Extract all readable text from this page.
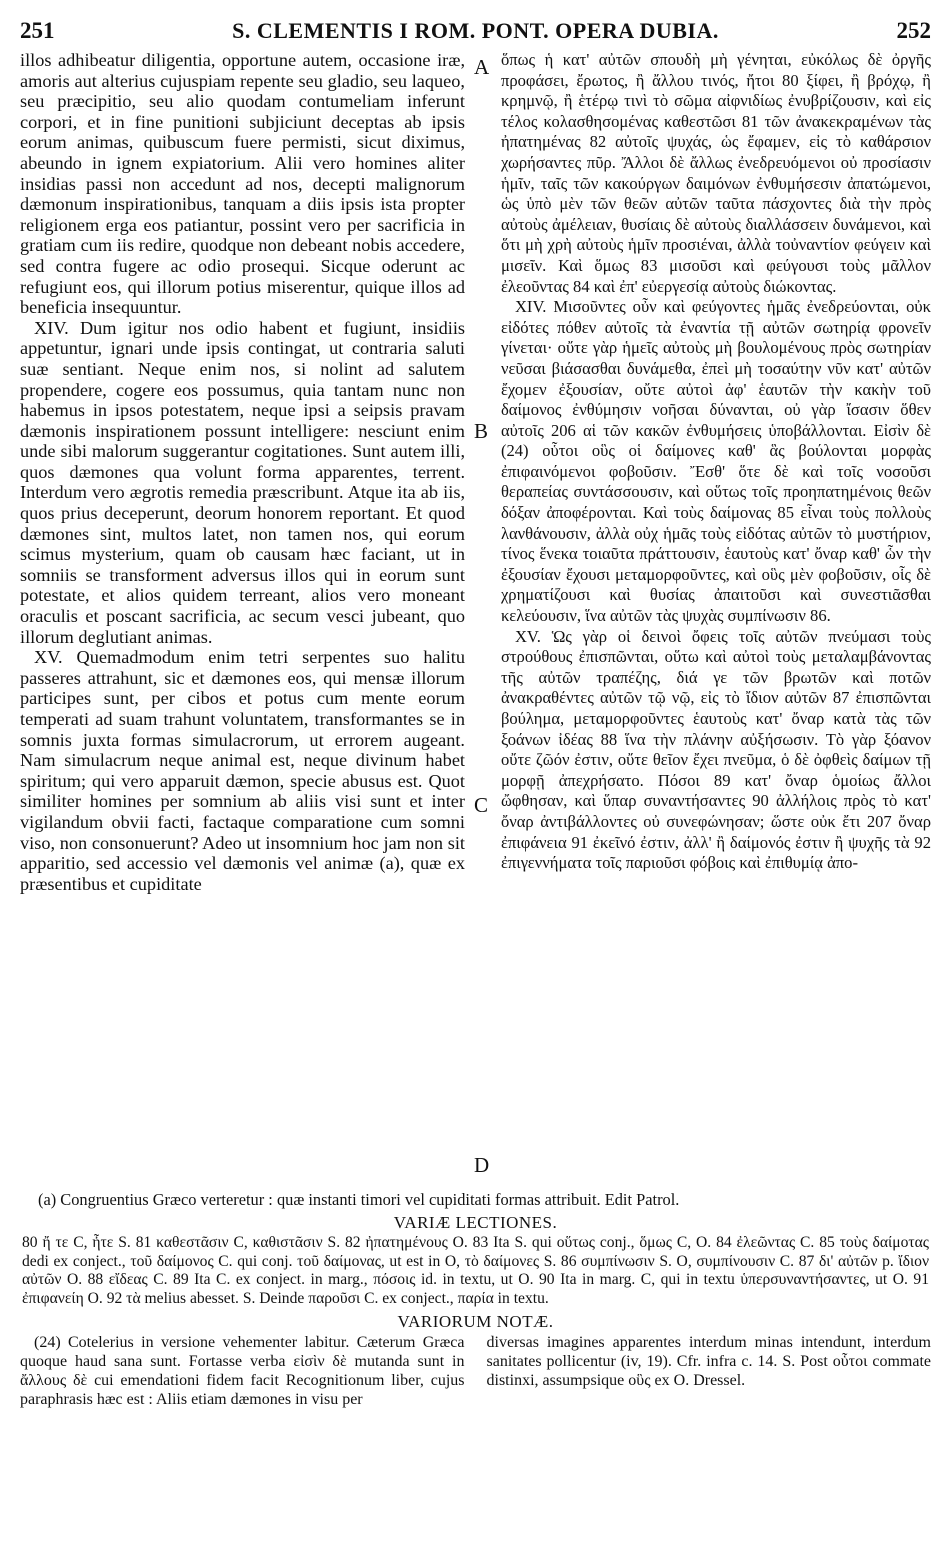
251	S. CLEMENTIS I ROM. PONT. OPERA DUBIA.	252

illos adhibeatur diligentia, opportune autem, occasione iræ, amoris aut alterius cujuspiam repente seu gladio, seu laqueo, seu præcipitio, seu alio quodam contumeliam inferunt corpori, et in fine punitioni subjiciunt deceptas ab ipsis eorum animas, quibuscum fuere permisti, sicut diximus, abeundo in ignem expiatorium. Alii vero homines aliter insidias passi non accedunt ad nos, decepti malignorum dæmonum inspirationibus, tanquam a diis ipsis ista propter religionem erga eos patiantur, possint vero per sacrificia in gratiam cum iis redire, quodque non debeant nobis accedere, sed contra fugere ac odio prosequi. Sicque oderunt ac refugiunt eos, qui illorum potius miserentur, quique illos ad beneficia insequuntur.

XIV. Dum igitur nos odio habent et fugiunt, insidiis appetuntur, ignari unde ipsis contingat, ut contraria saluti suæ sentiant. Neque enim nos, si nolint ad salutem propendere, cogere eos possumus, quia tantam nunc non habemus in ipsos potestatem, neque ipsi a seipsis pravam dæmonis inspirationem possunt intelligere: nesciunt enim unde sibi malorum suggerantur cogitationes. Sunt autem illi, quos dæmones qua volunt forma apparentes, terrent. Interdum vero ægrotis remedia præscribunt. Atque ita ab iis, quos prius deceperunt, deorum honorem reportant. Et quod dæmones sint, multos latet, non tamen nos, qui eorum scimus mysterium, quam ob causam hæc faciant, ut in somniis se transforment adversus illos qui in eorum sunt potestate, et alios quidem terreant, alios vero moneant oraculis et poscant sacrificia, ac secum vesci jubeant, quo illorum deglutiant animas.

XV. Quemadmodum enim tetri serpentes suo halitu passeres attrahunt, sic et dæmones eos, qui mensæ illorum participes sunt, per cibos et potus cum mente eorum temperati ad suam trahunt voluntatem, transformantes se in somnis juxta formas simulacrorum, ut errorem augeant. Nam simulacrum neque animal est, neque divinum habet spiritum; qui vero apparuit dæmon, specie abusus est. Quot similiter homines per somnium ab aliis visi sunt et inter vigilandum obvii facti, factaque comparatione cum somni viso, non consonuerunt? Adeo ut insomnium hoc jam non sit apparitio, sed accessio vel dæmonis vel animæ (a), quæ ex præsentibus et cupiditate

A
B
C
D

ὅπως ἡ κατ' αὐτῶν σπουδὴ μὴ γένηται, εὐκόλως δὲ ὀργῆς προφάσει, ἔρωτος, ἢ ἄλλου τινός, ἤτοι 80 ξίφει, ἢ βρόχῳ, ἢ κρημνῷ, ἢ ἑτέρῳ τινὶ τὸ σῶμα αἰφνιδίως ἐνυβρίζουσιν, καὶ εἰς τέλος κολασθησομένας καθεστῶσι 81 τῶν ἀνακεκραμένων τὰς ἠπατημένας 82 αὐτοῖς ψυχάς, ὡς ἔφαμεν, εἰς τὸ καθάρσιον χωρήσαντες πῦρ. Ἄλλοι δὲ ἄλλως ἐνεδρευόμενοι οὐ προσίασιν ἡμῖν, ταῖς τῶν κακούργων δαιμόνων ἐνθυμήσεσιν ἀπατώμενοι, ὡς ὑπὸ μὲν τῶν θεῶν αὐτῶν ταῦτα πάσχοντες διὰ τὴν πρὸς αὐτοὺς ἀμέλειαν, θυσίαις δὲ αὐτοὺς διαλλάσσειν δυνάμενοι, καὶ ὅτι μὴ χρὴ αὐτοὺς ἡμῖν προσιέναι, ἀλλὰ τοὐναντίον φεύγειν καὶ μισεῖν. Καὶ ὅμως 83 μισοῦσι καὶ φεύγουσι τοὺς μᾶλλον ἐλεοῦντας 84 καὶ ἐπ' εὐεργεσίᾳ αὐτοὺς διώκοντας.

XIV. Μισοῦντες οὖν καὶ φεύγοντες ἡμᾶς ἐνεδρεύονται, οὐκ εἰδότες πόθεν αὐτοῖς τὰ ἐναντία τῇ αὐτῶν σωτηρίᾳ φρονεῖν γίνεται· οὔτε γὰρ ἡμεῖς αὐτοὺς μὴ βουλομένους πρὸς σωτηρίαν νεῦσαι βιάσασθαι δυνάμεθα, ἐπεὶ μὴ τοσαύτην νῦν κατ' αὐτῶν ἔχομεν ἐξουσίαν, οὔτε αὐτοὶ ἀφ' ἑαυτῶν τὴν κακὴν τοῦ δαίμονος ἐνθύμησιν νοῆσαι δύνανται, οὐ γὰρ ἴσασιν ὅθεν αὐτοῖς 206 αἱ τῶν κακῶν ἐνθυμήσεις ὑποβάλλονται. Εἰσὶν δὲ (24) οὗτοι οὓς οἱ δαίμονες καθ' ἃς βούλονται μορφὰς ἐπιφαινόμενοι φοβοῦσιν. Ἔσθ' ὅτε δὲ καὶ τοῖς νοσοῦσι θεραπείας συντάσσουσιν, καὶ οὕτως τοῖς προηπατημένοις θεῶν δόξαν ἀποφέρονται. Καὶ τοὺς δαίμονας 85 εἶναι τοὺς πολλοὺς λανθάνουσιν, ἀλλὰ οὐχ ἡμᾶς τοὺς εἰδότας αὐτῶν τὸ μυστήριον, τίνος ἕνεκα τοιαῦτα πράττουσιν, ἑαυτοὺς κατ' ὄναρ καθ' ὧν τὴν ἐξουσίαν ἔχουσι μεταμορφοῦντες, καὶ οὓς μὲν φοβοῦσιν, οἷς δὲ χρηματίζουσι καὶ θυσίας ἀπαιτοῦσι καὶ συνεστιᾶσθαι κελεύουσιν, ἵνα αὐτῶν τὰς ψυχὰς συμπίνωσιν 86.

XV. Ὡς γὰρ οἱ δεινοὶ ὄφεις τοῖς αὐτῶν πνεύμασι τοὺς στρούθους ἐπισπῶνται, οὕτω καὶ αὐτοὶ τοὺς μεταλαμβάνοντας τῆς αὐτῶν τραπέζης, διά γε τῶν βρωτῶν καὶ ποτῶν ἀνακραθέντες αὐτῶν τῷ νῷ, εἰς τὸ ἴδιον αὐτῶν 87 ἐπισπῶνται βούλημα, μεταμορφοῦντες ἑαυτοὺς κατ' ὄναρ κατὰ τὰς τῶν ξοάνων ἰδέας 88 ἵνα τὴν πλάνην αὐξήσωσιν. Τὸ γὰρ ξόανον οὔτε ζῶόν ἐστιν, οὔτε θεῖον ἔχει πνεῦμα, ὁ δὲ ὀφθεὶς δαίμων τῇ μορφῇ ἀπεχρήσατο. Πόσοι 89 κατ' ὄναρ ὁμοίως ἄλλοι ὤφθησαν, καὶ ὕπαρ συναντήσαντες 90 ἀλλήλοις πρὸς τὸ κατ' ὄναρ ἀντιβάλλοντες οὐ συνεφώνησαν; ὥστε οὐκ ἔτι 207 ὄναρ ἐπιφάνεια 91 ἐκεῖνό ἐστιν, ἀλλ' ἢ δαίμονός ἐστιν ἢ ψυχῆς τὰ 92 ἐπιγεννήματα τοῖς παριοῦσι φόβοις καὶ ἐπιθυμίᾳ ἀπο-

(a) Congruentius Græco verteretur : quæ instanti timori vel cupiditati formas attribuit. Edit Patrol.
VARIÆ LECTIONES.
80 ἤ τε C, ἦτε S. 81 καθεστᾶσιν C, καθιστᾶσιν S. 82 ἠπατημένους O. 83 Ita S. qui οὕτως conj., ὅμως C, O. 84 ἐλεῶντας C. 85 τοὺς δαίμοτας dedi ex conject., τοῦ δαίμονος C. qui conj. τοῦ δαίμονας, ut est in O, τὸ δαίμονες S. 86 συμπίνωσιν S. O, συμπίνουσιν C. 87 δι' αὐτῶν p. ἴδιον αὐτῶν O. 88 εἴδεας C. 89 Ita C. ex conject. in marg., πόσοις id. in textu, ut O. 90 Ita in marg. C, qui in textu ὑπερσυναντήσαντες, ut O. 91 ἐπιφανείη O. 92 τὰ melius abesset. S. Deinde παροῦσι C. ex conject., παρία in textu.
VARIORUM NOTÆ.

(24) Cotelerius in versione vehementer labitur. Cæterum Græca quoque haud sana sunt. Fortasse verba εἰσὶν δὲ mutanda sunt in ἄλλους δὲ cui emendationi fidem facit Recognitionum liber, cujus paraphrasis hæc est : Aliis etiam dæmones in visu per

diversas imagines apparentes interdum minas intendunt, interdum sanitates pollicentur (iv, 19). Cfr. infra c. 14. S. Post οὗτοι commate distinxi, assumpsique οὓς ex O. Dressel.
